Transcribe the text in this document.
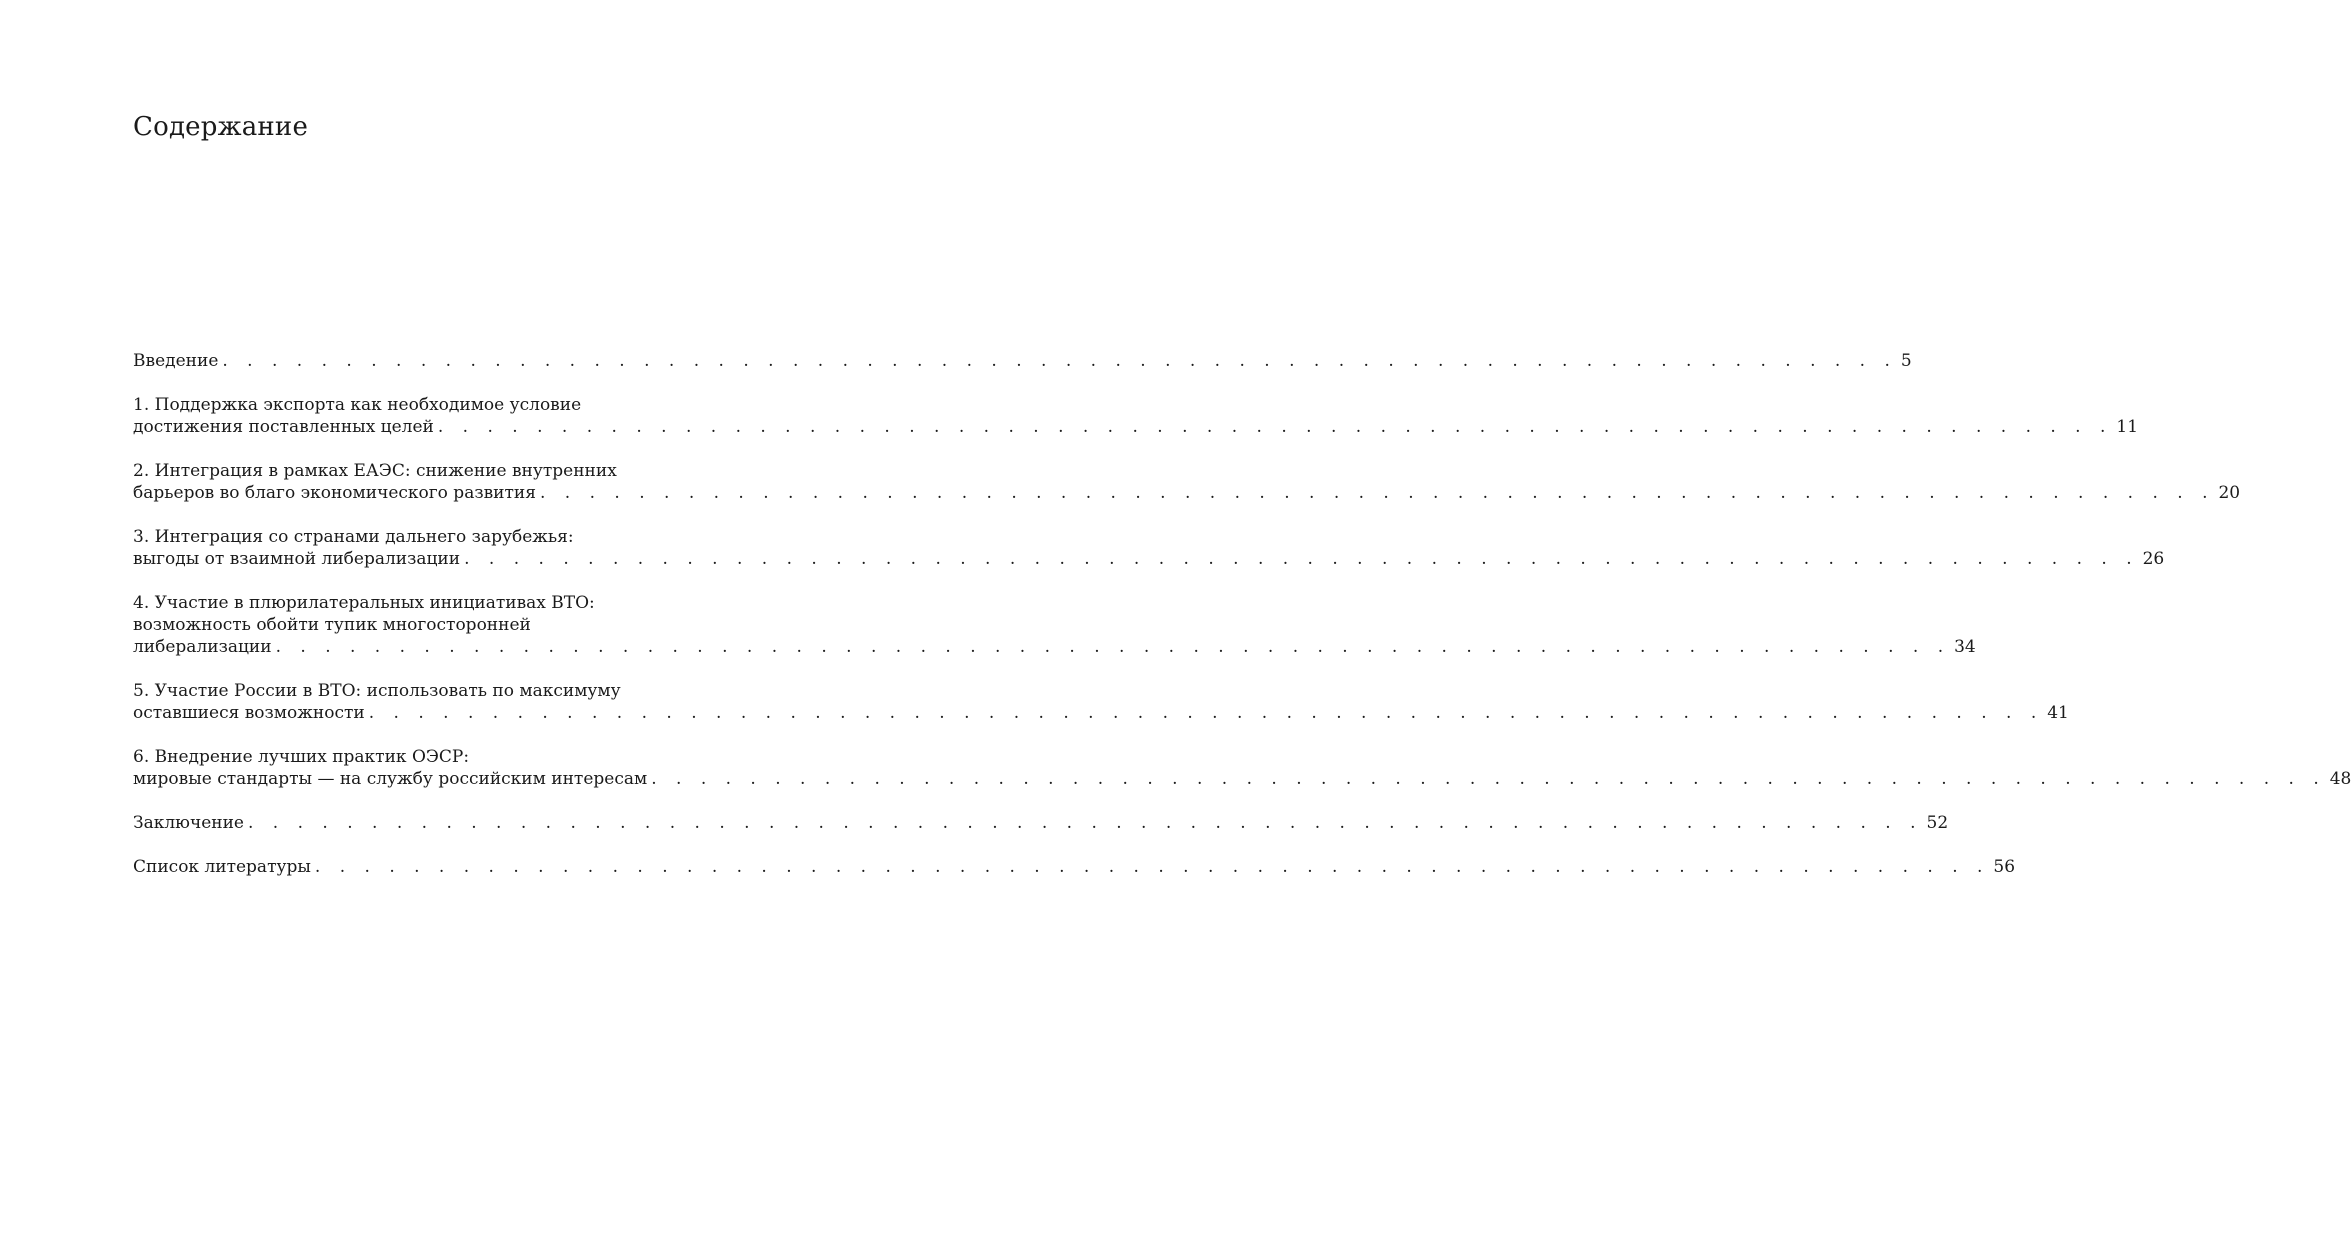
Содержание
Введение . . . . . . . . . . . . . . . . . . . . . . . . . . . . . . . . . . . . . . . . . . . . . . . . . . . . . . . . . . . . . . . . . . . . 5
1. Поддержка экспорта как необходимое условие
достижения поставленных целей . . . . . . . . . . . . . . . . . . . . . . . . . . . . . . . . . . . . . . . . . . . . . . . . . . . . . . . . . . . . . . . . . . . . 11
2. Интеграция в рамках ЕАЭС: снижение внутренних
барьеров во благо экономического развития . . . . . . . . . . . . . . . . . . . . . . . . . . . . . . . . . . . . . . . . . . . . . . . . . . . . . . . . . . . . . . . . . . . . 20
3. Интеграция со странами дальнего зарубежья:
выгоды от взаимной либерализации . . . . . . . . . . . . . . . . . . . . . . . . . . . . . . . . . . . . . . . . . . . . . . . . . . . . . . . . . . . . . . . . . . . . 26
4. Участие в плюрилатеральных инициативах ВТО:
возможность обойти тупик многосторонней
либерализации . . . . . . . . . . . . . . . . . . . . . . . . . . . . . . . . . . . . . . . . . . . . . . . . . . . . . . . . . . . . . . . . . . . . 34
5. Участие России в ВТО: использовать по максимуму
оставшиеся возможности . . . . . . . . . . . . . . . . . . . . . . . . . . . . . . . . . . . . . . . . . . . . . . . . . . . . . . . . . . . . . . . . . . . . 41
6. Внедрение лучших практик ОЭСР:
мировые стандарты — на службу российским интересам . . . . . . . . . . . . . . . . . . . . . . . . . . . . . . . . . . . . . . . . . . . . . . . . . . . . . . . . . . . . . . . . . . . . 48
Заключение . . . . . . . . . . . . . . . . . . . . . . . . . . . . . . . . . . . . . . . . . . . . . . . . . . . . . . . . . . . . . . . . . . . . 52
Список литературы . . . . . . . . . . . . . . . . . . . . . . . . . . . . . . . . . . . . . . . . . . . . . . . . . . . . . . . . . . . . . . . . . . . . 56
